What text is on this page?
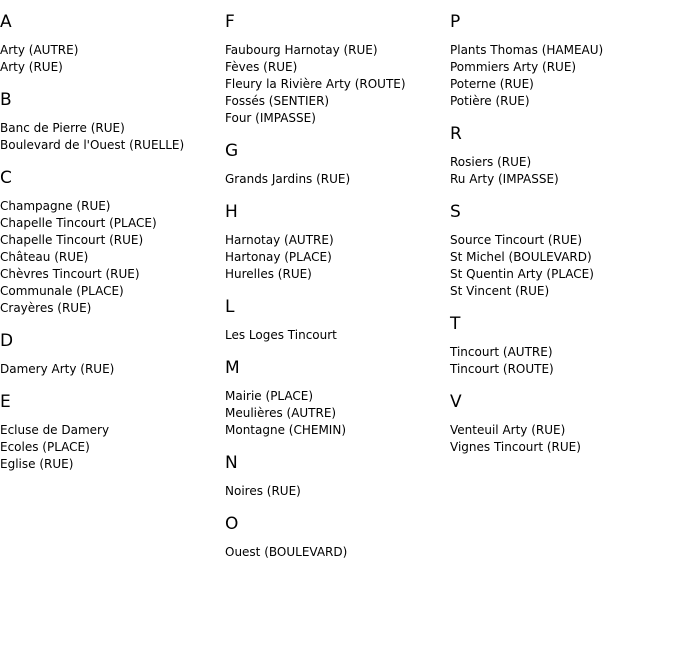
A
Arty (AUTRE)
Arty (RUE)
B
Banc de Pierre (RUE)
Boulevard de l'Ouest (RUELLE)
C
Champagne (RUE)
Chapelle Tincourt (PLACE)
Chapelle Tincourt (RUE)
Château (RUE)
Chèvres Tincourt (RUE)
Communale (PLACE)
Crayères (RUE)
D
Damery Arty (RUE)
E
Ecluse de Damery
Ecoles (PLACE)
Eglise (RUE)
F
Faubourg Harnotay (RUE)
Fèves (RUE)
Fleury la Rivière Arty (ROUTE)
Fossés (SENTIER)
Four (IMPASSE)
G
Grands Jardins (RUE)
H
Harnotay (AUTRE)
Hartonay (PLACE)
Hurelles (RUE)
L
Les Loges Tincourt
M
Mairie (PLACE)
Meulières (AUTRE)
Montagne (CHEMIN)
N
Noires (RUE)
O
Ouest (BOULEVARD)
P
Plants Thomas (HAMEAU)
Pommiers Arty (RUE)
Poterne (RUE)
Potière (RUE)
R
Rosiers (RUE)
Ru Arty (IMPASSE)
S
Source Tincourt (RUE)
St Michel (BOULEVARD)
St Quentin Arty (PLACE)
St Vincent (RUE)
T
Tincourt (AUTRE)
Tincourt (ROUTE)
V
Venteuil Arty (RUE)
Vignes Tincourt (RUE)
